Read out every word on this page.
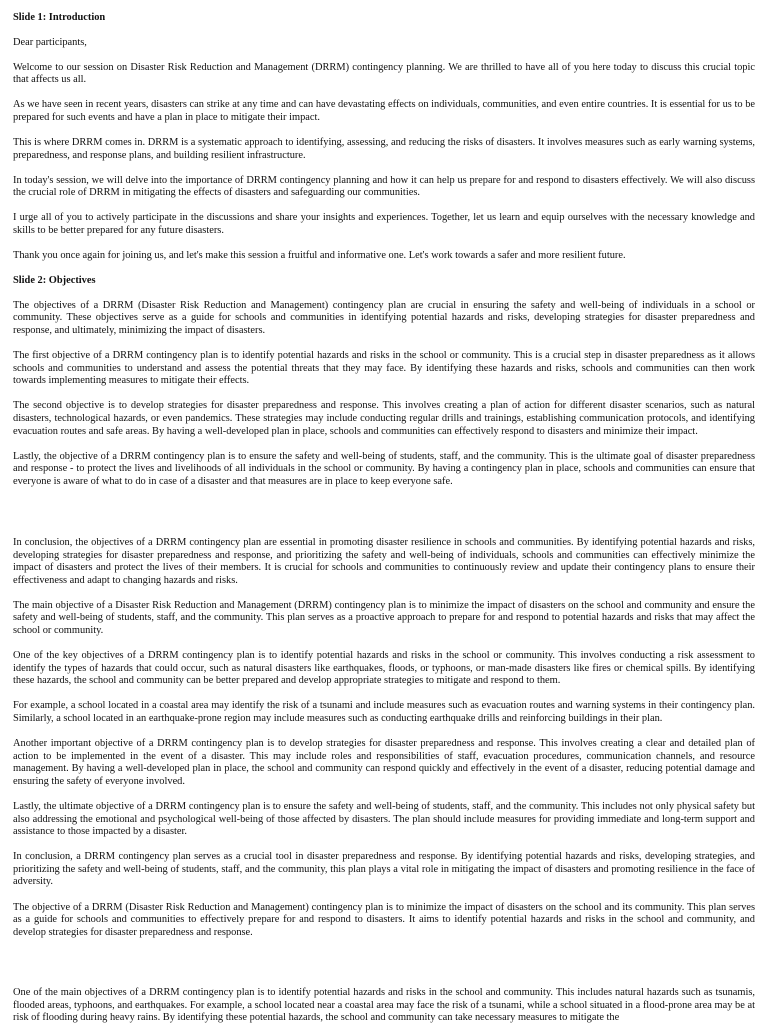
Slide 1: Introduction

Dear participants,

Welcome to our session on Disaster Risk Reduction and Management (DRRM) contingency planning. We are thrilled to have all of you here today to discuss this crucial topic that affects us all.

As we have seen in recent years, disasters can strike at any time and can have devastating effects on individuals, communities, and even entire countries. It is essential for us to be prepared for such events and have a plan in place to mitigate their impact.

This is where DRRM comes in. DRRM is a systematic approach to identifying, assessing, and reducing the risks of disasters. It involves measures such as early warning systems, preparedness, and response plans, and building resilient infrastructure.

In today's session, we will delve into the importance of DRRM contingency planning and how it can help us prepare for and respond to disasters effectively. We will also discuss the crucial role of DRRM in mitigating the effects of disasters and safeguarding our communities.

I urge all of you to actively participate in the discussions and share your insights and experiences. Together, let us learn and equip ourselves with the necessary knowledge and skills to be better prepared for any future disasters.

Thank you once again for joining us, and let's make this session a fruitful and informative one. Let's work towards a safer and more resilient future.

Slide 2: Objectives

The objectives of a DRRM (Disaster Risk Reduction and Management) contingency plan are crucial in ensuring the safety and well-being of individuals in a school or community. These objectives serve as a guide for schools and communities in identifying potential hazards and risks, developing strategies for disaster preparedness and response, and ultimately, minimizing the impact of disasters.

The first objective of a DRRM contingency plan is to identify potential hazards and risks in the school or community. This is a crucial step in disaster preparedness as it allows schools and communities to understand and assess the potential threats that they may face. By identifying these hazards and risks, schools and communities can then work towards implementing measures to mitigate their effects.

The second objective is to develop strategies for disaster preparedness and response. This involves creating a plan of action for different disaster scenarios, such as natural disasters, technological hazards, or even pandemics. These strategies may include conducting regular drills and trainings, establishing communication protocols, and identifying evacuation routes and safe areas. By having a well-developed plan in place, schools and communities can effectively respond to disasters and minimize their impact.

Lastly, the objective of a DRRM contingency plan is to ensure the safety and well-being of students, staff, and the community. This is the ultimate goal of disaster preparedness and response - to protect the lives and livelihoods of all individuals in the school or community. By having a contingency plan in place, schools and communities can ensure that everyone is aware of what to do in case of a disaster and that measures are in place to keep everyone safe.

In conclusion, the objectives of a DRRM contingency plan are essential in promoting disaster resilience in schools and communities. By identifying potential hazards and risks, developing strategies for disaster preparedness and response, and prioritizing the safety and well-being of individuals, schools and communities can effectively minimize the impact of disasters and protect the lives of their members. It is crucial for schools and communities to continuously review and update their contingency plans to ensure their effectiveness and adapt to changing hazards and risks.

The main objective of a Disaster Risk Reduction and Management (DRRM) contingency plan is to minimize the impact of disasters on the school and community and ensure the safety and well-being of students, staff, and the community. This plan serves as a proactive approach to prepare for and respond to potential hazards and risks that may affect the school or community.

One of the key objectives of a DRRM contingency plan is to identify potential hazards and risks in the school or community. This involves conducting a risk assessment to identify the types of hazards that could occur, such as natural disasters like earthquakes, floods, or typhoons, or man-made disasters like fires or chemical spills. By identifying these hazards, the school and community can be better prepared and develop appropriate strategies to mitigate and respond to them.

For example, a school located in a coastal area may identify the risk of a tsunami and include measures such as evacuation routes and warning systems in their contingency plan. Similarly, a school located in an earthquake-prone region may include measures such as conducting earthquake drills and reinforcing buildings in their plan.

Another important objective of a DRRM contingency plan is to develop strategies for disaster preparedness and response. This involves creating a clear and detailed plan of action to be implemented in the event of a disaster. This may include roles and responsibilities of staff, evacuation procedures, communication channels, and resource management. By having a well-developed plan in place, the school and community can respond quickly and effectively in the event of a disaster, reducing potential damage and ensuring the safety of everyone involved.

Lastly, the ultimate objective of a DRRM contingency plan is to ensure the safety and well-being of students, staff, and the community. This includes not only physical safety but also addressing the emotional and psychological well-being of those affected by disasters. The plan should include measures for providing immediate and long-term support and assistance to those impacted by a disaster.

In conclusion, a DRRM contingency plan serves as a crucial tool in disaster preparedness and response. By identifying potential hazards and risks, developing strategies, and prioritizing the safety and well-being of students, staff, and the community, this plan plays a vital role in mitigating the impact of disasters and promoting resilience in the face of adversity.

The objective of a DRRM (Disaster Risk Reduction and Management) contingency plan is to minimize the impact of disasters on the school and its community. This plan serves as a guide for schools and communities to effectively prepare for and respond to disasters. It aims to identify potential hazards and risks in the school and community, and develop strategies for disaster preparedness and response.

One of the main objectives of a DRRM contingency plan is to identify potential hazards and risks in the school and community. This includes natural hazards such as tsunamis, flooded areas, typhoons, and earthquakes. For example, a school located near a coastal area may face the risk of a tsunami, while a school situated in a flood-prone area may be at risk of flooding during heavy rains. By identifying these potential hazards, the school and community can take necessary measures to mitigate the
